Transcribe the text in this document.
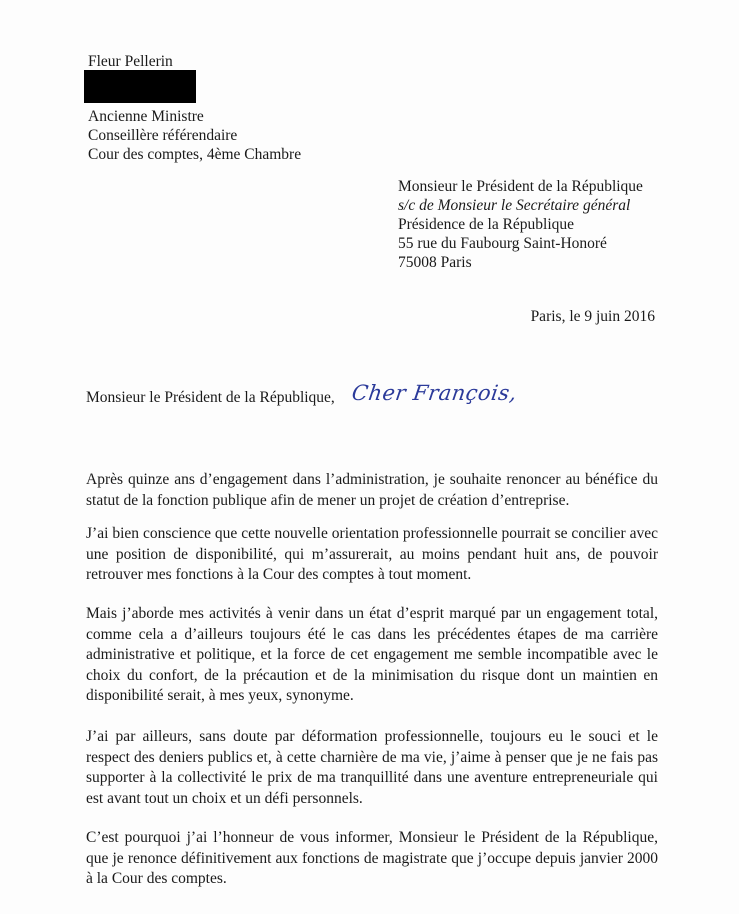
Fleur Pellerin
Ancienne Ministre
Conseillère référendaire
Cour des comptes, 4ème Chambre
Monsieur le Président de la République
s/c de Monsieur le Secrétaire général
Présidence de la République
55 rue du Faubourg Saint-Honoré
75008 Paris
Paris, le 9 juin 2016
Monsieur le Président de la République, Cher François,
Après quinze ans d’engagement dans l’administration, je souhaite renoncer au bénéfice du statut de la fonction publique afin de mener un projet de création d’entreprise.
J’ai bien conscience que cette nouvelle orientation professionnelle pourrait se concilier avec une position de disponibilité, qui m’assurerait, au moins pendant huit ans, de pouvoir retrouver mes fonctions à la Cour des comptes à tout moment.
Mais j’aborde mes activités à venir dans un état d’esprit marqué par un engagement total, comme cela a d’ailleurs toujours été le cas dans les précédentes étapes de ma carrière administrative et politique, et la force de cet engagement me semble incompatible avec le choix du confort, de la précaution et de la minimisation du risque dont un maintien en disponibilité serait, à mes yeux, synonyme.
J’ai par ailleurs, sans doute par déformation professionnelle, toujours eu le souci et le respect des deniers publics et, à cette charnière de ma vie, j’aime à penser que je ne fais pas supporter à la collectivité le prix de ma tranquillité dans une aventure entrepreneuriale qui est avant tout un choix et un défi personnels.
C’est pourquoi j’ai l’honneur de vous informer, Monsieur le Président de la République, que je renonce définitivement aux fonctions de magistrate que j’occupe depuis janvier 2000 à la Cour des comptes.
